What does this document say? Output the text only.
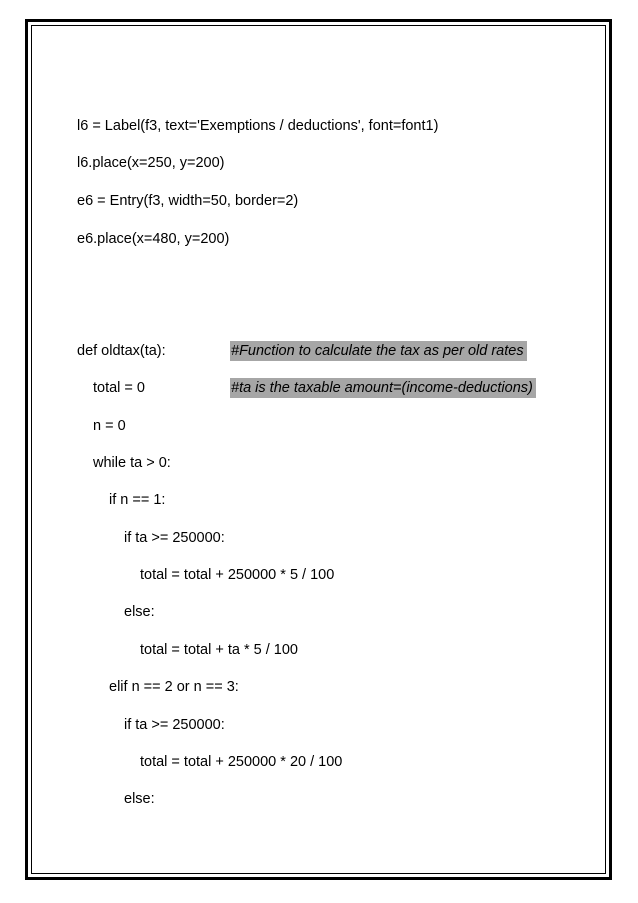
l6 = Label(f3, text='Exemptions / deductions', font=font1)
l6.place(x=250, y=200)
e6 = Entry(f3, width=50, border=2)
e6.place(x=480, y=200)
def oldtax(ta):	#Function to calculate the tax as per old rates
total = 0	#ta is the taxable amount=(income-deductions)
n = 0
while ta > 0:
if n == 1:
if ta >= 250000:
total = total + 250000 * 5 / 100
else:
total = total + ta * 5 / 100
elif n == 2 or n == 3:
if ta >= 250000:
total = total + 250000 * 20 / 100
else:
